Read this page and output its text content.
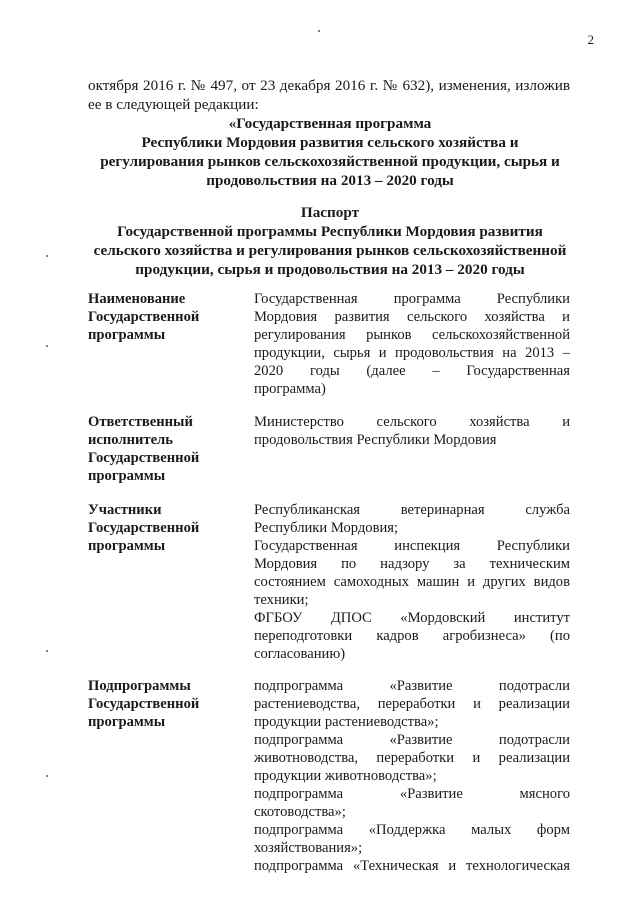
2
октября 2016 г. № 497, от 23 декабря 2016 г. № 632), изменения, изложив ее в следующей редакции:
«Государственная программа
Республики Мордовия развития сельского хозяйства и
регулирования рынков сельскохозяйственной продукции, сырья и
продовольствия на 2013 – 2020 годы
Паспорт
Государственной программы Республики Мордовия развития
сельского хозяйства и регулирования рынков сельскохозяйственной
продукции, сырья и продовольствия на 2013 – 2020 годы
Наименование
Государственной
программы
Государственная программа Республики
Мордовия развития сельского хозяйства и
регулирования рынков сельскохозяйственной
продукции, сырья и продовольствия на 2013 –
2020 годы (далее – Государственная
программа)
Ответственный
исполнитель
Государственной
программы
Министерство сельского хозяйства и
продовольствия Республики Мордовия
Участники
Государственной
программы
Республиканская ветеринарная служба
Республики Мордовия;
Государственная инспекция Республики
Мордовия по надзору за техническим
состоянием самоходных машин и других видов
техники;
ФГБОУ ДПОС «Мордовский институт
переподготовки кадров агробизнеса» (по
согласованию)
Подпрограммы
Государственной
программы
подпрограмма «Развитие подотрасли
растениеводства, переработки и реализации
продукции растениеводства»;
подпрограмма «Развитие подотрасли
животноводства, переработки и реализации
продукции животноводства»;
подпрограмма «Развитие мясного
скотоводства»;
подпрограмма «Поддержка малых форм
хозяйствования»;
подпрограмма «Техническая и технологическая
